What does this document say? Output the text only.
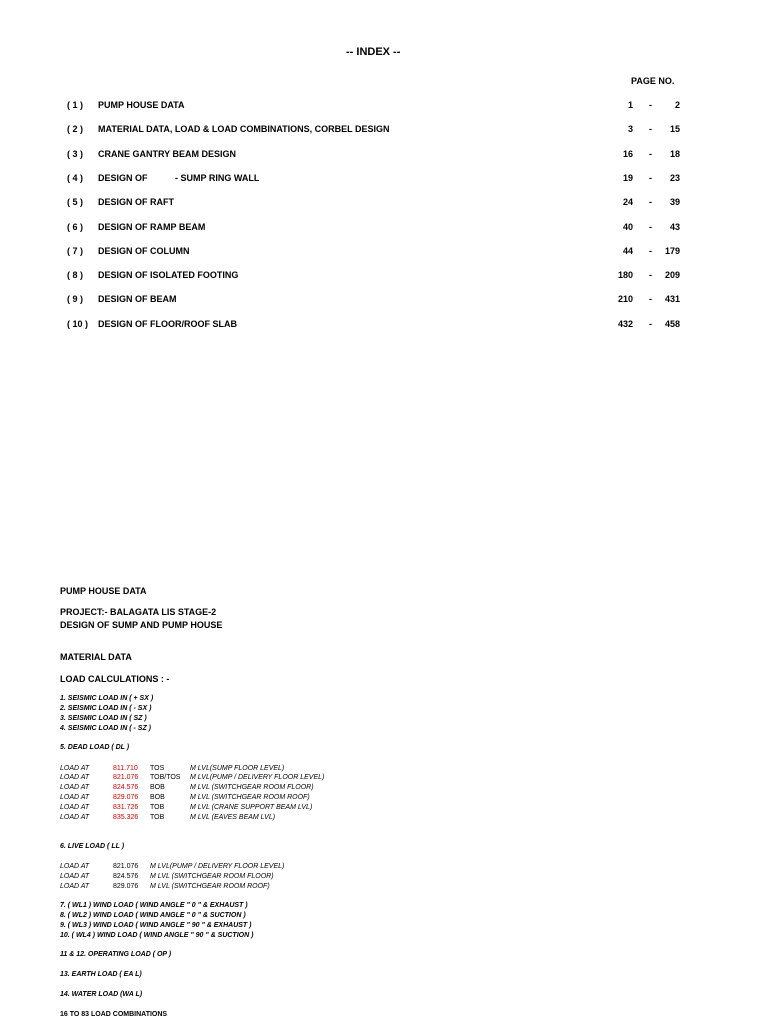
-- INDEX --
PAGE NO.
( 1 ) PUMP HOUSE DATA	1 -	2
( 2 ) MATERIAL DATA, LOAD & LOAD COMBINATIONS, CORBEL DESIGN	3 -	15
( 3 ) CRANE GANTRY BEAM DESIGN	16 -	18
( 4 ) DESIGN OF           - SUMP RING WALL	19 -	23
( 5 ) DESIGN OF RAFT	24 -	39
( 6 ) DESIGN OF RAMP BEAM	40 -	43
( 7 ) DESIGN OF COLUMN	44 -	179
( 8 ) DESIGN OF ISOLATED FOOTING	180 -	209
( 9 ) DESIGN OF BEAM	210 -	431
( 10 ) DESIGN OF FLOOR/ROOF SLAB	432 -	458
PUMP HOUSE DATA
PROJECT:- BALAGATA LIS STAGE-2
DESIGN OF SUMP AND PUMP HOUSE
MATERIAL DATA
LOAD CALCULATIONS : -
1. SEISMIC LOAD IN ( + SX )
2. SEISMIC LOAD IN ( - SX )
3. SEISMIC LOAD IN ( SZ )
4. SEISMIC LOAD IN ( - SZ )
5. DEAD LOAD ( DL )
LOAD AT	811.710 TOS	M LVL(SUMP FLOOR LEVEL)
LOAD AT	821.076 TOB/TOS M LVL(PUMP / DELIVERY FLOOR LEVEL)
LOAD AT	824.576 BOB	M LVL (SWITCHGEAR ROOM FLOOR)
LOAD AT	829.076 BOB	M LVL (SWITCHGEAR ROOM ROOF)
LOAD AT	831.726 TOB	M LVL (CRANE SUPPORT BEAM LVL)
LOAD AT	835.326 TOB	M LVL (EAVES BEAM LVL)
6. LIVE LOAD ( LL )
LOAD AT	821.076 M LVL(PUMP / DELIVERY FLOOR LEVEL)
LOAD AT	824.576 M LVL (SWITCHGEAR ROOM FLOOR)
LOAD AT	829.076 M LVL (SWITCHGEAR ROOM ROOF)
7. ( WL1 ) WIND LOAD ( WIND ANGLE " 0 " & EXHAUST )
8. ( WL2 ) WIND LOAD ( WIND ANGLE " 0 " & SUCTION )
9. ( WL3 ) WIND LOAD ( WIND ANGLE " 90 " & EXHAUST )
10. ( WL4 ) WIND LOAD ( WIND ANGLE " 90 " & SUCTION )
11 & 12. OPERATING LOAD ( OP )
13. EARTH LOAD ( EA L)
14. WATER LOAD (WA L)
16 TO 83 LOAD COMBINATIONS
